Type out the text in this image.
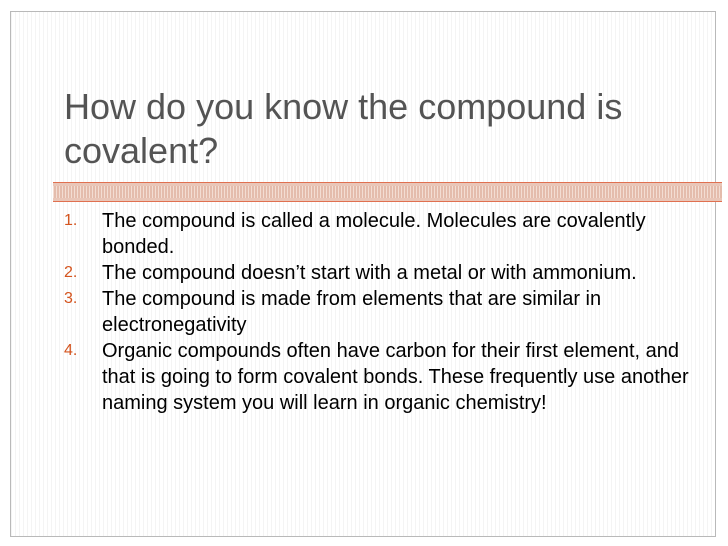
How do you know the compound is covalent?
1. The compound is called a molecule. Molecules are covalently bonded.
2. The compound doesn’t start with a metal or with ammonium.
3. The compound is made from elements that are similar in electronegativity
4. Organic compounds often have carbon for their first element, and that is going to form covalent bonds. These frequently use another naming system you will learn in organic chemistry!
